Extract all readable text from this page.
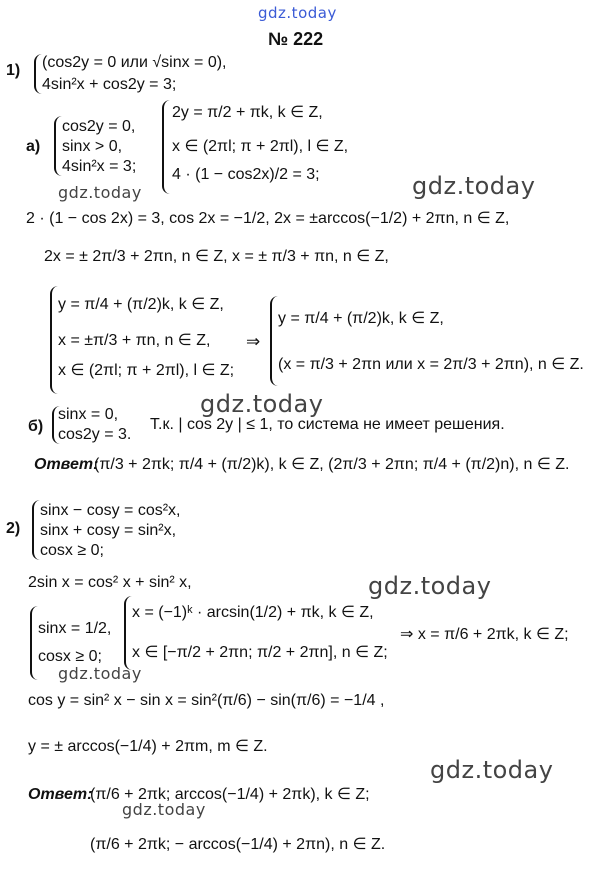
gdz.today
gdz.today	gdz.today
gdz.today
gdz.today
gdz.today
gdz.today
gdz.today
№ 222
1) (cos2y = 0 или √sinx = 0),
4sin²x + cos2y = 3;
а)
cos2y = 0,
sinx > 0,
4sin²x = 3;
2y = π/2 + πk, k ∈ Z,
x ∈ (2πl; π + 2πl), l ∈ Z,
4 · (1 − cos2x)/2 = 3;
2 · (1 − cos 2x) = 3, cos 2x = −1/2, 2x = ±arccos(−1/2) + 2πn, n ∈ Z,
2x = ± 2π/3 + 2πn, n ∈ Z, x = ± π/3 + πn, n ∈ Z,
y = π/4 + (π/2)k, k ∈ Z,
x = ±π/3 + πn, n ∈ Z,
x ∈ (2πl; π + 2πl), l ∈ Z;
⇒
y = π/4 + (π/2)k, k ∈ Z,
(x = π/3 + 2πn или x = 2π/3 + 2πn), n ∈ Z.
б)
sinx = 0,
cos2y = 3.
Т.к. | cos 2y | ≤ 1, то система не имеет решения.
Ответ:
(π/3 + 2πk; π/4 + (π/2)k), k ∈ Z, (2π/3 + 2πn; π/4 + (π/2)n), n ∈ Z.
2)
sinx − cosy = cos²x,
sinx + cosy = sin²x,
cosx ≥ 0;
2sin x = cos² x + sin² x,
sinx = 1/2,
cosx ≥ 0;
x = (−1)ᵏ · arcsin(1/2) + πk, k ∈ Z,
x ∈ [−π/2 + 2πn; π/2 + 2πn], n ∈ Z;
⇒ x = π/6 + 2πk, k ∈ Z;
cos y = sin² x − sin x = sin²(π/6) − sin(π/6) = −1/4 ,
y = ± arccos(−1/4) + 2πm, m ∈ Z.
Ответ:
(π/6 + 2πk; arccos(−1/4) + 2πk), k ∈ Z;
(π/6 + 2πk; − arccos(−1/4) + 2πn), n ∈ Z.
